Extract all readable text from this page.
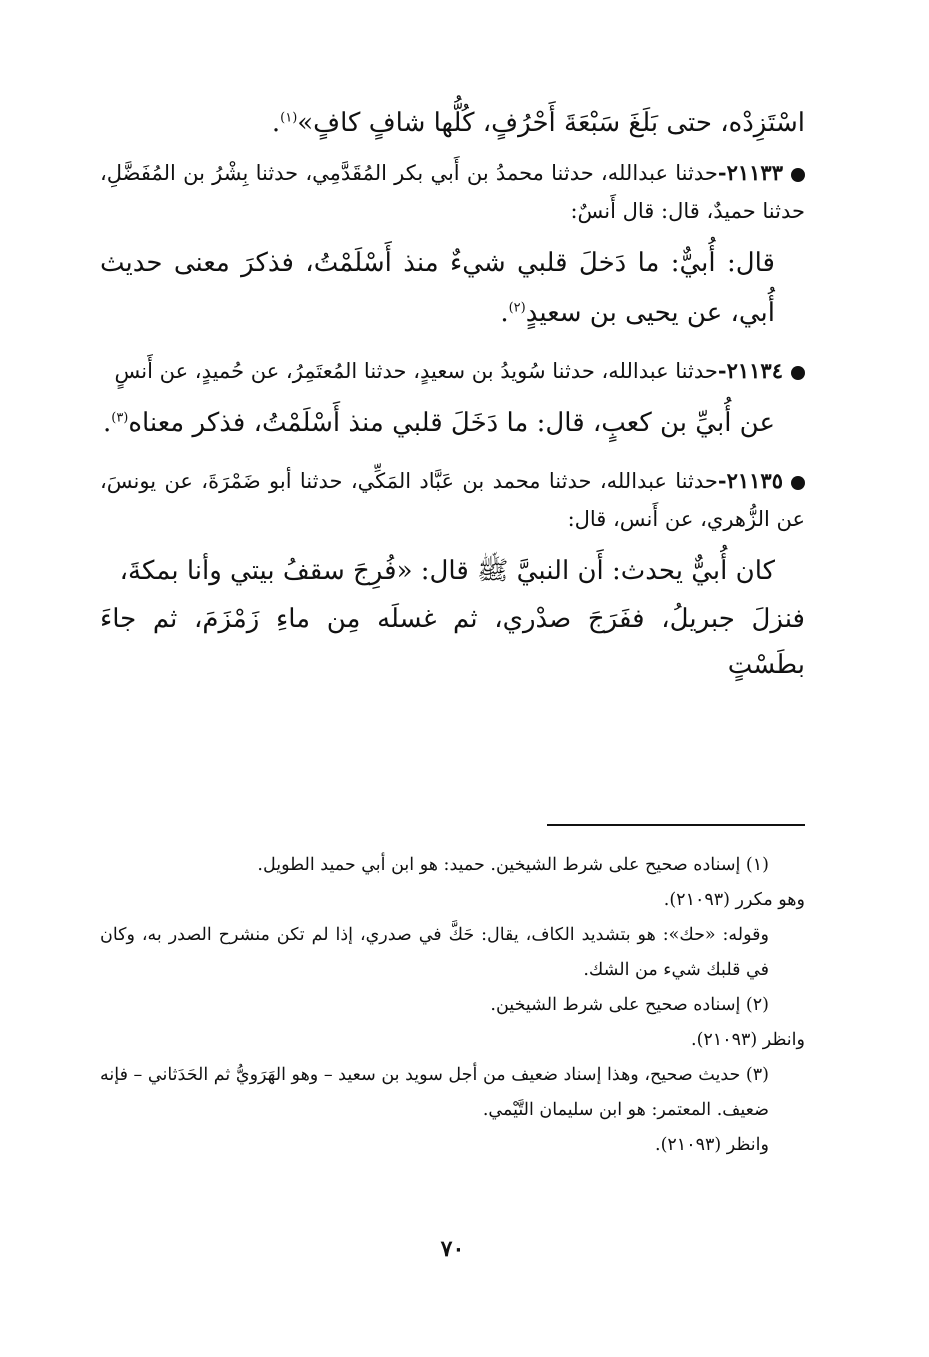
اسْتَزِدْه، حتى بَلَغَ سَبْعَةَ أَحْرُفٍ، كُلُّها شافٍ كافٍ»$^{(١)}$.

٢١١٣٣-حدثنا عبدالله، حدثنا محمدُ بن أَبي بكر المُقَدَّمِي، حدثنا بِشْرُ بن المُفَضَّلِ، حدثنا حميدٌ، قال: قال أَنسٌ:

قال: أُبيٌّ: ما دَخلَ قلبي شيءٌ منذ أَسْلَمْتُ، فذكرَ معنى حديث أُبي، عن يحيى بن سعيدٍ$^{(٢)}$.

٢١١٣٤-حدثنا عبدالله، حدثنا سُويدُ بن سعيدٍ، حدثنا المُعتَمِرُ، عن حُميدٍ، عن أَنسٍ

عن أُبيِّ بن كعبٍ، قال: ما دَخَلَ قلبي منذ أَسْلَمْتُ، فذكر معناه$^{(٣)}$.

٢١١٣٥-حدثنا عبدالله، حدثنا محمد بن عَبَّاد المَكِّي، حدثنا أبو ضَمْرَةَ، عن يونسَ، عن الزُّهري، عن أَنس، قال:

كان أُبيٌّ يحدث: أَن النبيَّ ﷺ قال: «فُرِجَ سقفُ بيتي وأنا بمكةَ،

فنزلَ جبريلُ، ففَرَجَ صدْري، ثم غسلَه مِن ماءِ زَمْزَمَ، ثم جاءَ بطَسْتٍ

(١) إسناده صحيح على شرط الشيخين. حميد: هو ابن أبي حميد الطويل.

وهو مكرر (٢١٠٩٣).

وقوله: «حك»: هو بتشديد الكاف، يقال: حَكَّ في صدري، إذا لم تكن منشرح الصدر به، وكان في قلبك شيء من الشك.

(٢) إسناده صحيح على شرط الشيخين.

وانظر (٢١٠٩٣).

(٣) حديث صحيح، وهذا إسناد ضعيف من أجل سويد بن سعيد – وهو الهَرَويُّ ثم الحَدَثاني – فإنه ضعيف. المعتمر: هو ابن سليمان التَّيْمي.

وانظر (٢١٠٩٣).

٧٠
